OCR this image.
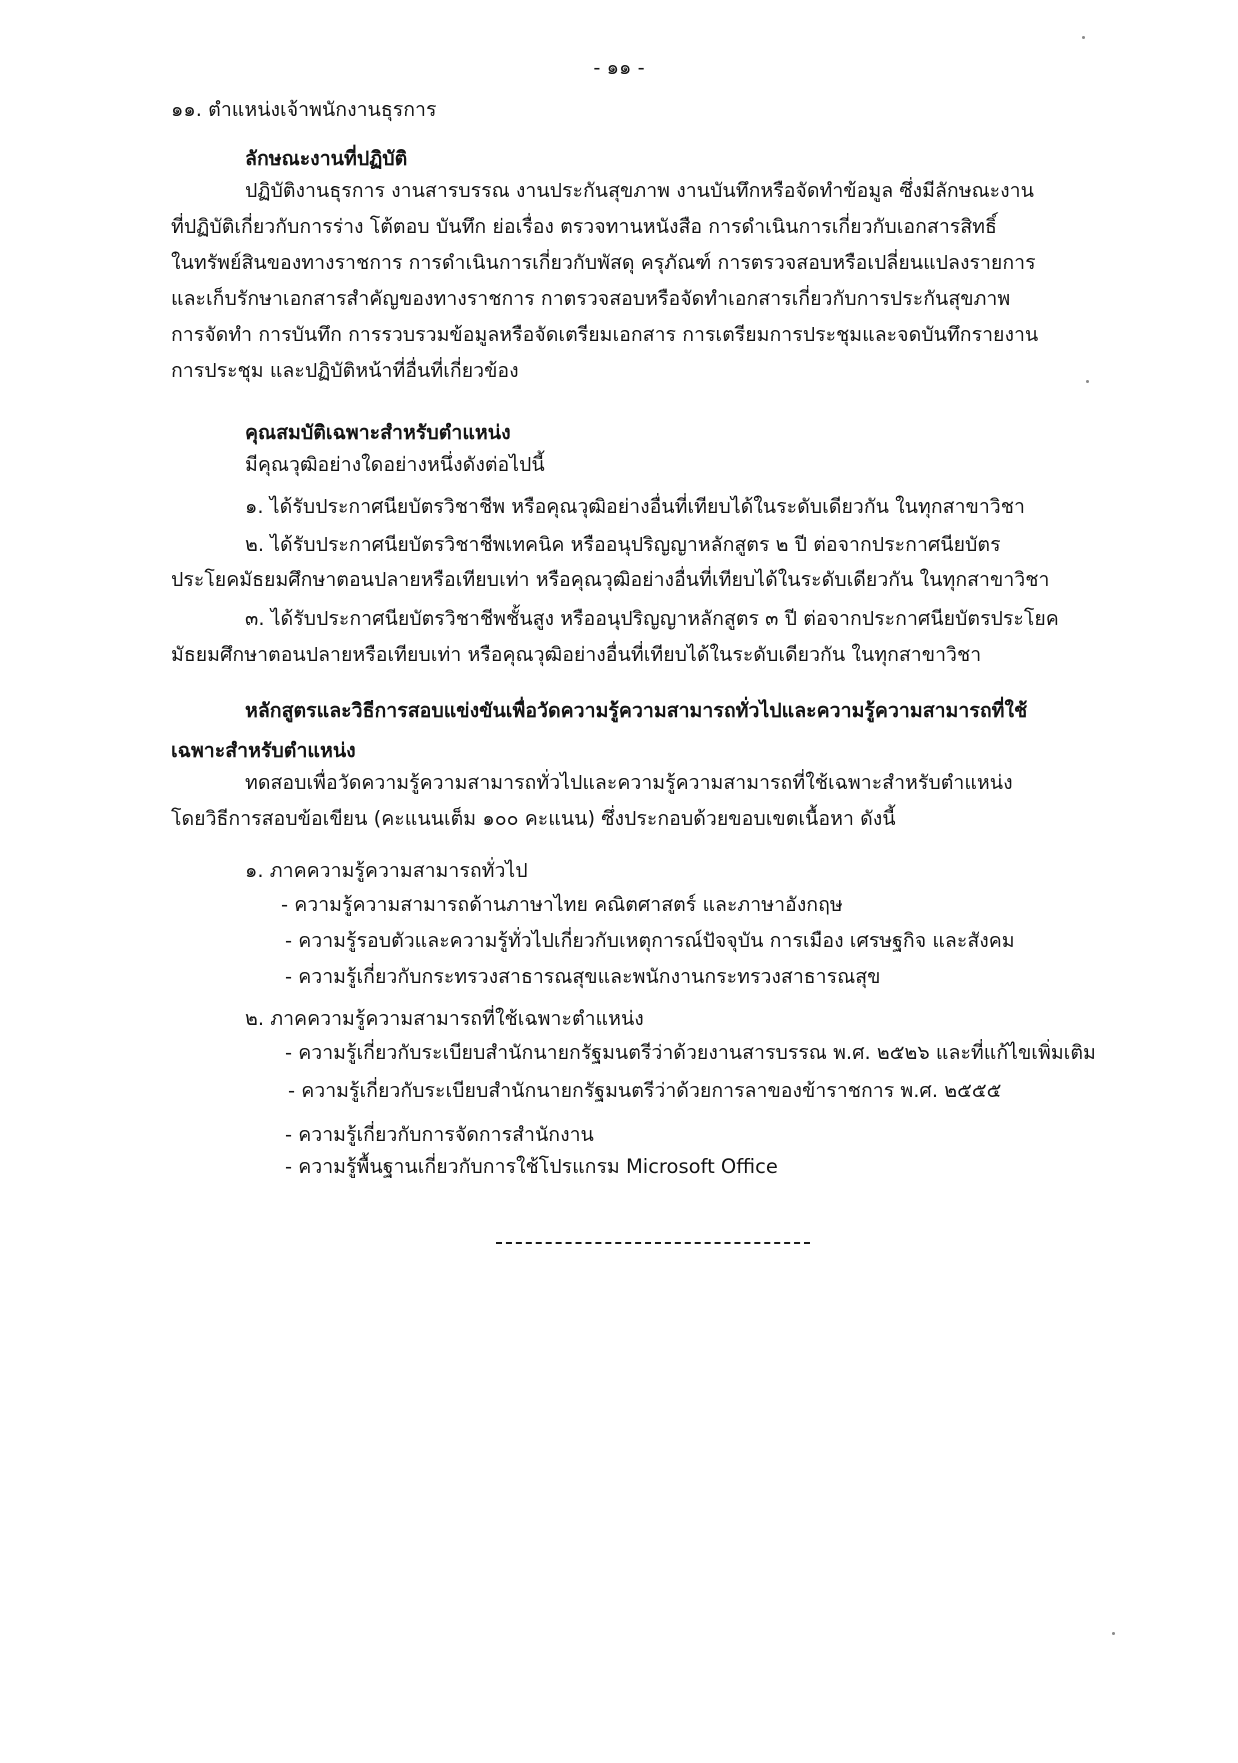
- ๑๑ -
๑๑. ตำแหน่งเจ้าพนักงานธุรการ
ลักษณะงานที่ปฏิบัติ
ปฏิบัติงานธุรการ งานสารบรรณ งานประกันสุขภาพ งานบันทึกหรือจัดทำข้อมูล ซึ่งมีลักษณะงาน
ที่ปฏิบัติเกี่ยวกับการร่าง โต้ตอบ บันทึก ย่อเรื่อง ตรวจทานหนังสือ การดำเนินการเกี่ยวกับเอกสารสิทธิ์
ในทรัพย์สินของทางราชการ การดำเนินการเกี่ยวกับพัสดุ ครุภัณฑ์ การตรวจสอบหรือเปลี่ยนแปลงรายการ
และเก็บรักษาเอกสารสำคัญของทางราชการ กาตรวจสอบหรือจัดทำเอกสารเกี่ยวกับการประกันสุขภาพ
การจัดทำ การบันทึก การรวบรวมข้อมูลหรือจัดเตรียมเอกสาร การเตรียมการประชุมและจดบันทึกรายงาน
การประชุม และปฏิบัติหน้าที่อื่นที่เกี่ยวข้อง
คุณสมบัติเฉพาะสำหรับตำแหน่ง
มีคุณวุฒิอย่างใดอย่างหนึ่งดังต่อไปนี้
๑. ได้รับประกาศนียบัตรวิชาชีพ หรือคุณวุฒิอย่างอื่นที่เทียบได้ในระดับเดียวกัน ในทุกสาขาวิชา
๒. ได้รับประกาศนียบัตรวิชาชีพเทคนิค หรืออนุปริญญาหลักสูตร ๒ ปี ต่อจากประกาศนียบัตร
ประโยคมัธยมศึกษาตอนปลายหรือเทียบเท่า หรือคุณวุฒิอย่างอื่นที่เทียบได้ในระดับเดียวกัน ในทุกสาขาวิชา
๓. ได้รับประกาศนียบัตรวิชาชีพชั้นสูง หรืออนุปริญญาหลักสูตร ๓ ปี ต่อจากประกาศนียบัตรประโยค
มัธยมศึกษาตอนปลายหรือเทียบเท่า หรือคุณวุฒิอย่างอื่นที่เทียบได้ในระดับเดียวกัน ในทุกสาขาวิชา
หลักสูตรและวิธีการสอบแข่งขันเพื่อวัดความรู้ความสามารถทั่วไปและความรู้ความสามารถที่ใช้
เฉพาะสำหรับตำแหน่ง
ทดสอบเพื่อวัดความรู้ความสามารถทั่วไปและความรู้ความสามารถที่ใช้เฉพาะสำหรับตำแหน่ง
โดยวิธีการสอบข้อเขียน (คะแนนเต็ม ๑๐๐ คะแนน) ซึ่งประกอบด้วยขอบเขตเนื้อหา ดังนี้
๑. ภาคความรู้ความสามารถทั่วไป
- ความรู้ความสามารถด้านภาษาไทย คณิตศาสตร์ และภาษาอังกฤษ
- ความรู้รอบตัวและความรู้ทั่วไปเกี่ยวกับเหตุการณ์ปัจจุบัน การเมือง เศรษฐกิจ และสังคม
- ความรู้เกี่ยวกับกระทรวงสาธารณสุขและพนักงานกระทรวงสาธารณสุข
๒. ภาคความรู้ความสามารถที่ใช้เฉพาะตำแหน่ง
- ความรู้เกี่ยวกับระเบียบสำนักนายกรัฐมนตรีว่าด้วยงานสารบรรณ พ.ศ. ๒๕๒๖ และที่แก้ไขเพิ่มเติม
- ความรู้เกี่ยวกับระเบียบสำนักนายกรัฐมนตรีว่าด้วยการลาของข้าราชการ พ.ศ. ๒๕๕๕
- ความรู้เกี่ยวกับการจัดการสำนักงาน
- ความรู้พื้นฐานเกี่ยวกับการใช้โปรแกรม Microsoft Office
